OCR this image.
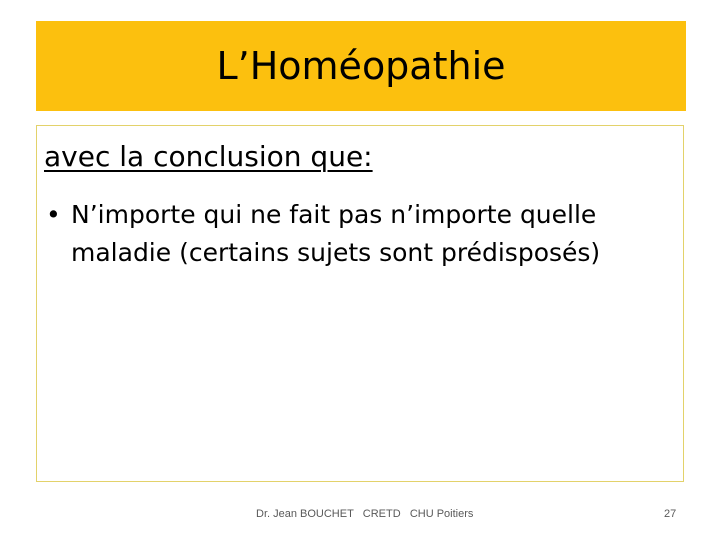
L’Homéopathie
avec la conclusion que:
• N’importe qui ne fait pas n’importe quelle maladie (certains sujets sont prédisposés)
Dr. Jean BOUCHET   CRETD   CHU Poitiers	27
